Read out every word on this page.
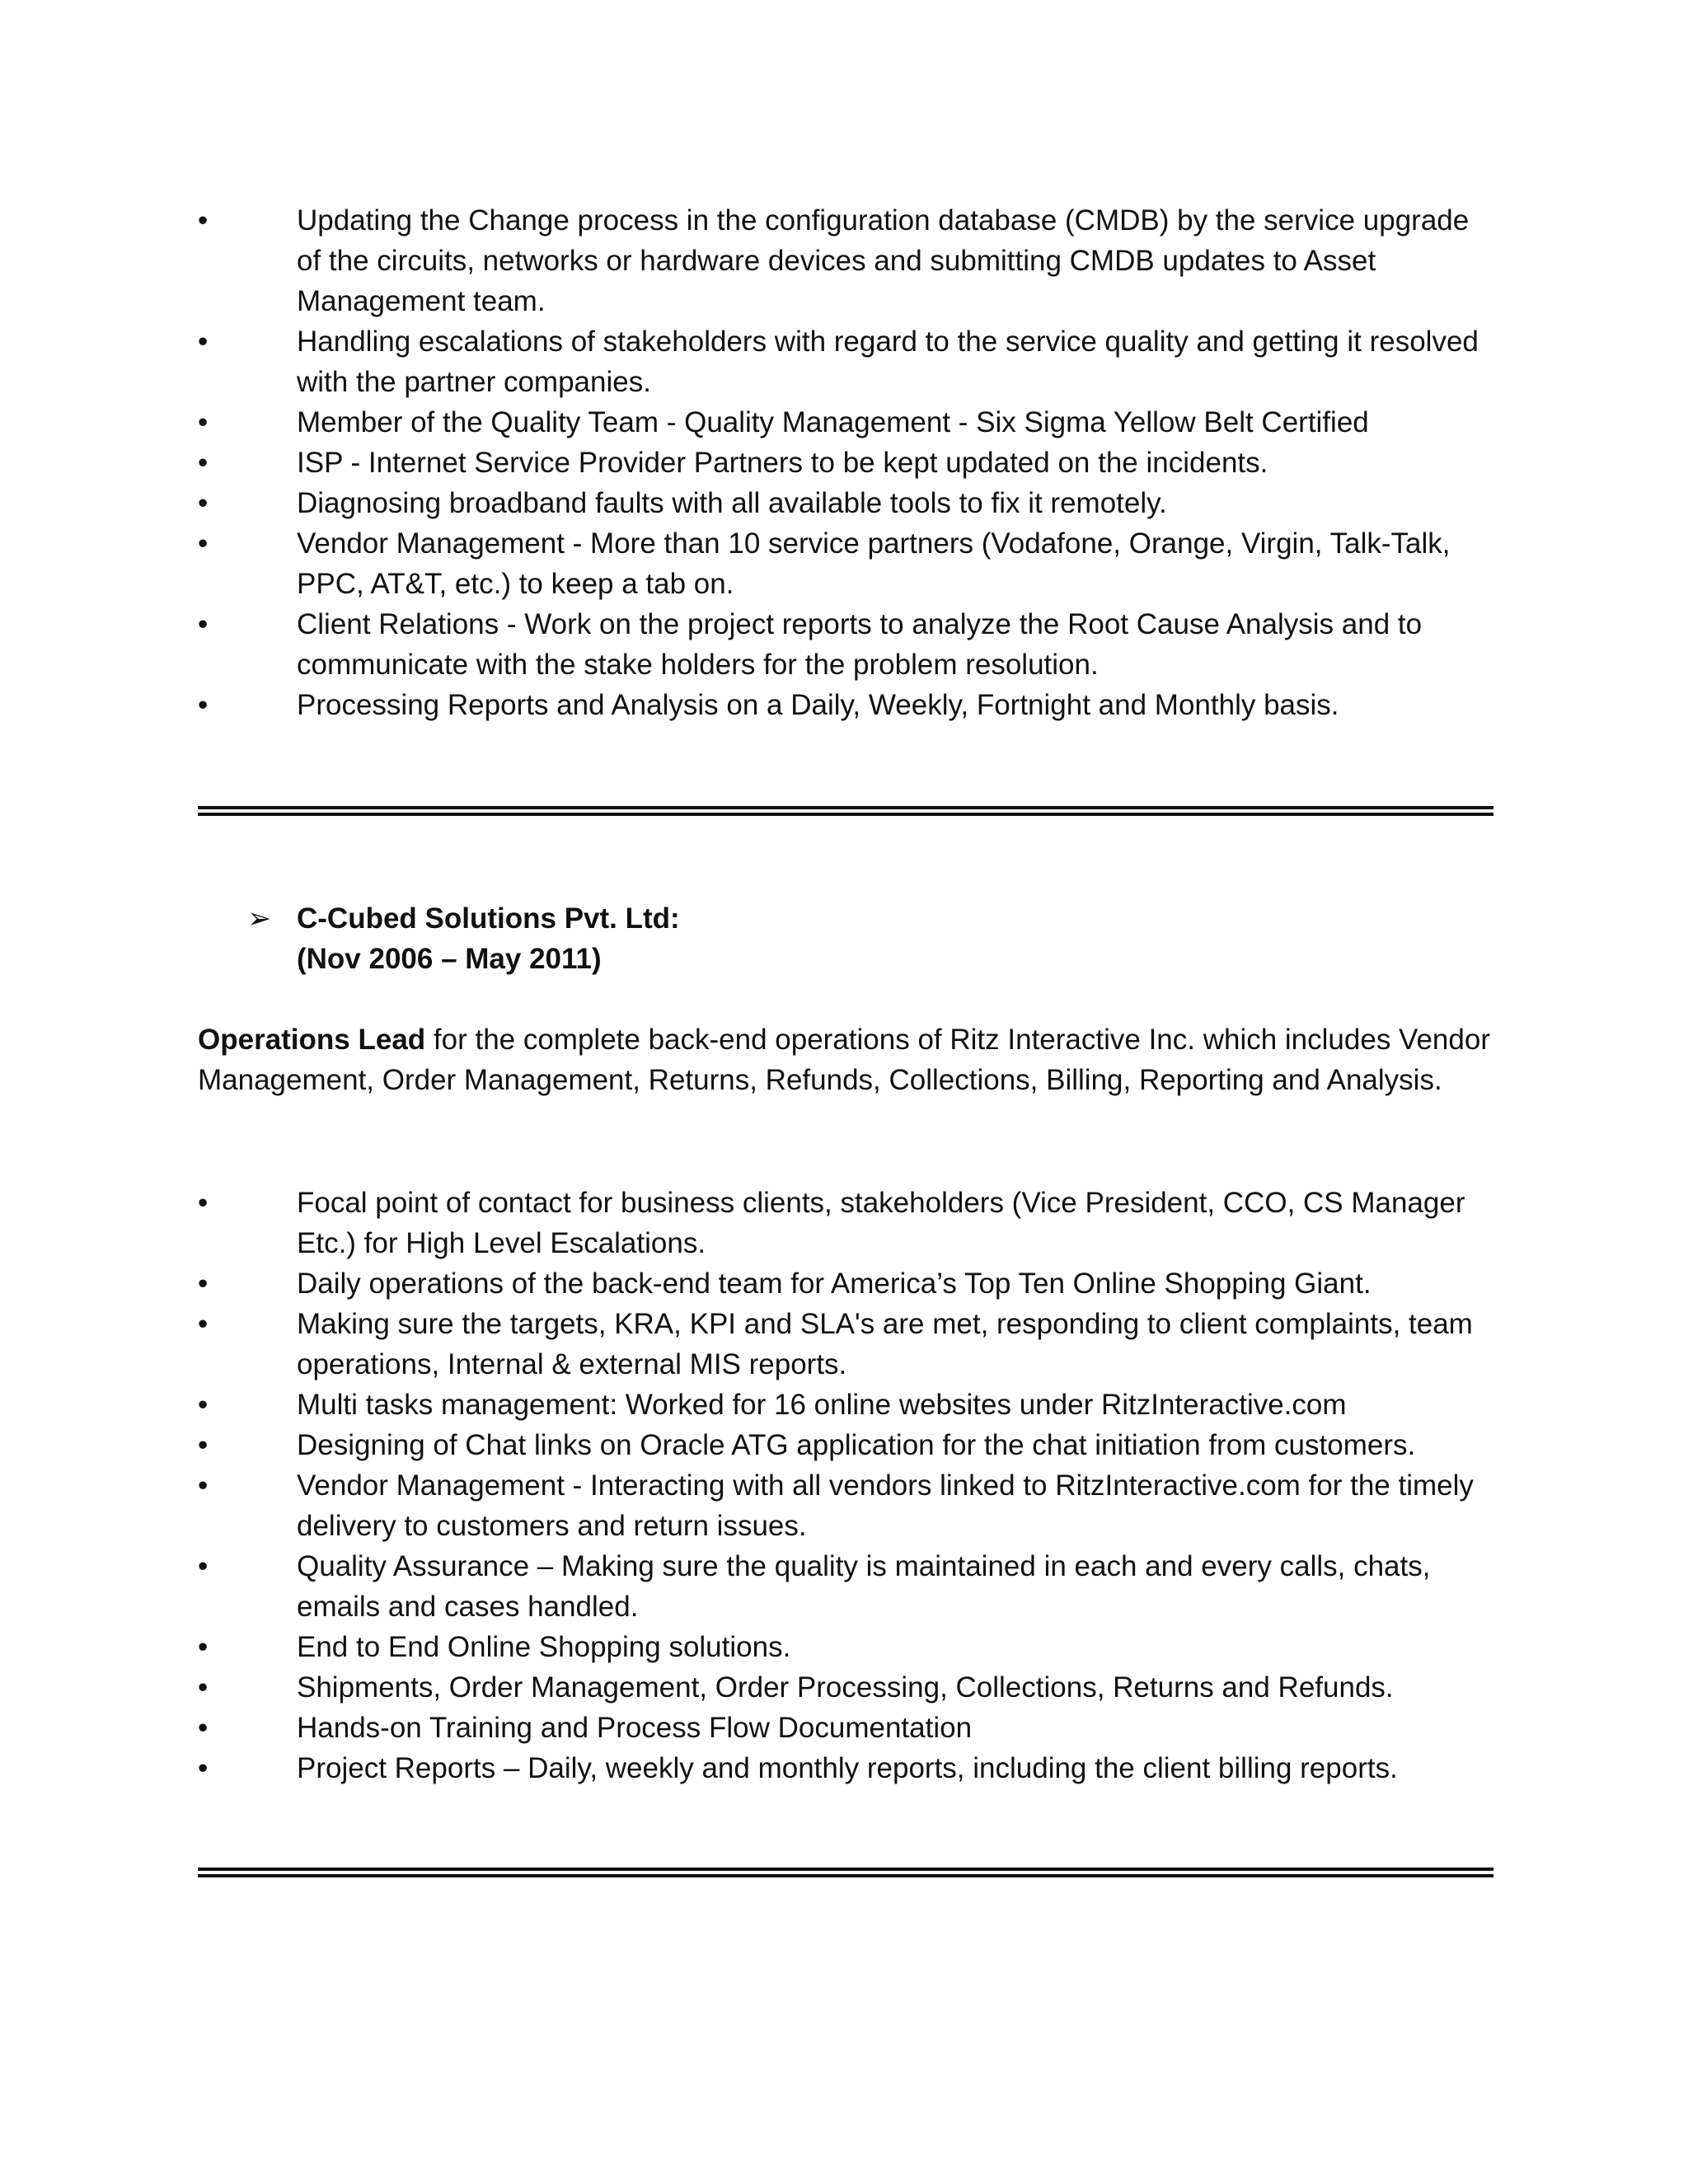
•	Updating the Change process in the configuration database (CMDB) by the service upgrade of the circuits, networks or hardware devices and submitting CMDB updates to Asset Management team.
•	Handling escalations of stakeholders with regard to the service quality and getting it resolved with the partner companies.
•	Member of the Quality Team - Quality Management - Six Sigma Yellow Belt Certified
•	ISP - Internet Service Provider Partners to be kept updated on the incidents.
•	Diagnosing broadband faults with all available tools to fix it remotely.
•	Vendor Management - More than 10 service partners (Vodafone, Orange, Virgin, Talk-Talk, PPC, AT&T, etc.) to keep a tab on.
•	Client Relations - Work on the project reports to analyze the Root Cause Analysis and to communicate with the stake holders for the problem resolution.
•	Processing Reports and Analysis on a Daily, Weekly, Fortnight and Monthly basis.
➢ C-Cubed Solutions Pvt. Ltd:
(Nov 2006 – May 2011)

Operations Lead for the complete back-end operations of Ritz Interactive Inc. which includes Vendor Management, Order Management, Returns, Refunds, Collections, Billing, Reporting and Analysis.

•	Focal point of contact for business clients, stakeholders (Vice President, CCO, CS Manager Etc.) for High Level Escalations.
•	Daily operations of the back-end team for America’s Top Ten Online Shopping Giant.
•	Making sure the targets, KRA, KPI and SLA's are met, responding to client complaints, team operations, Internal & external MIS reports.
•	Multi tasks management: Worked for 16 online websites under RitzInteractive.com
•	Designing of Chat links on Oracle ATG application for the chat initiation from customers.
•	Vendor Management - Interacting with all vendors linked to RitzInteractive.com for the timely delivery to customers and return issues.
•	Quality Assurance – Making sure the quality is maintained in each and every calls, chats, emails and cases handled.
•	End to End Online Shopping solutions.
•	Shipments, Order Management, Order Processing, Collections, Returns and Refunds.
•	Hands-on Training and Process Flow Documentation
•	Project Reports – Daily, weekly and monthly reports, including the client billing reports.
